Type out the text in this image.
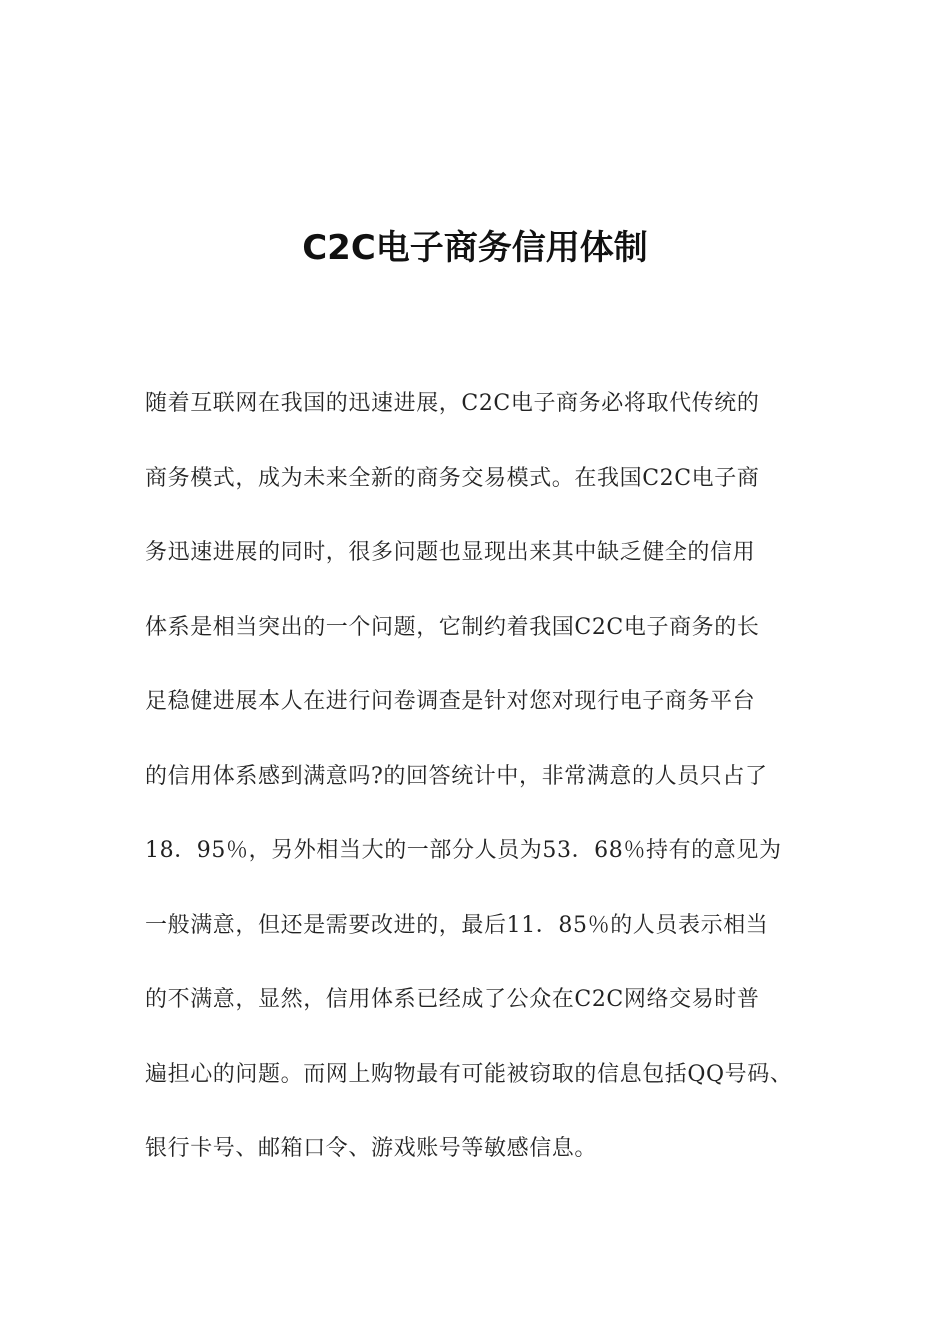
C2C电子商务信用体制
随着互联网在我国的迅速进展，C2C电子商务必将取代传统的
商务模式，成为未来全新的商务交易模式。在我国C2C电子商
务迅速进展的同时，很多问题也显现出来其中缺乏健全的信用
体系是相当突出的一个问题，它制约着我国C2C电子商务的长
足稳健进展本人在进行问卷调查是针对您对现行电子商务平台
的信用体系感到满意吗?的回答统计中，非常满意的人员只占了
18．95％，另外相当大的一部分人员为53．68％持有的意见为
一般满意，但还是需要改进的，最后11．85％的人员表示相当
的不满意，显然，信用体系已经成了公众在C2C网络交易时普
遍担心的问题。而网上购物最有可能被窃取的信息包括QQ号码、
银行卡号、邮箱口令、游戏账号等敏感信息。
